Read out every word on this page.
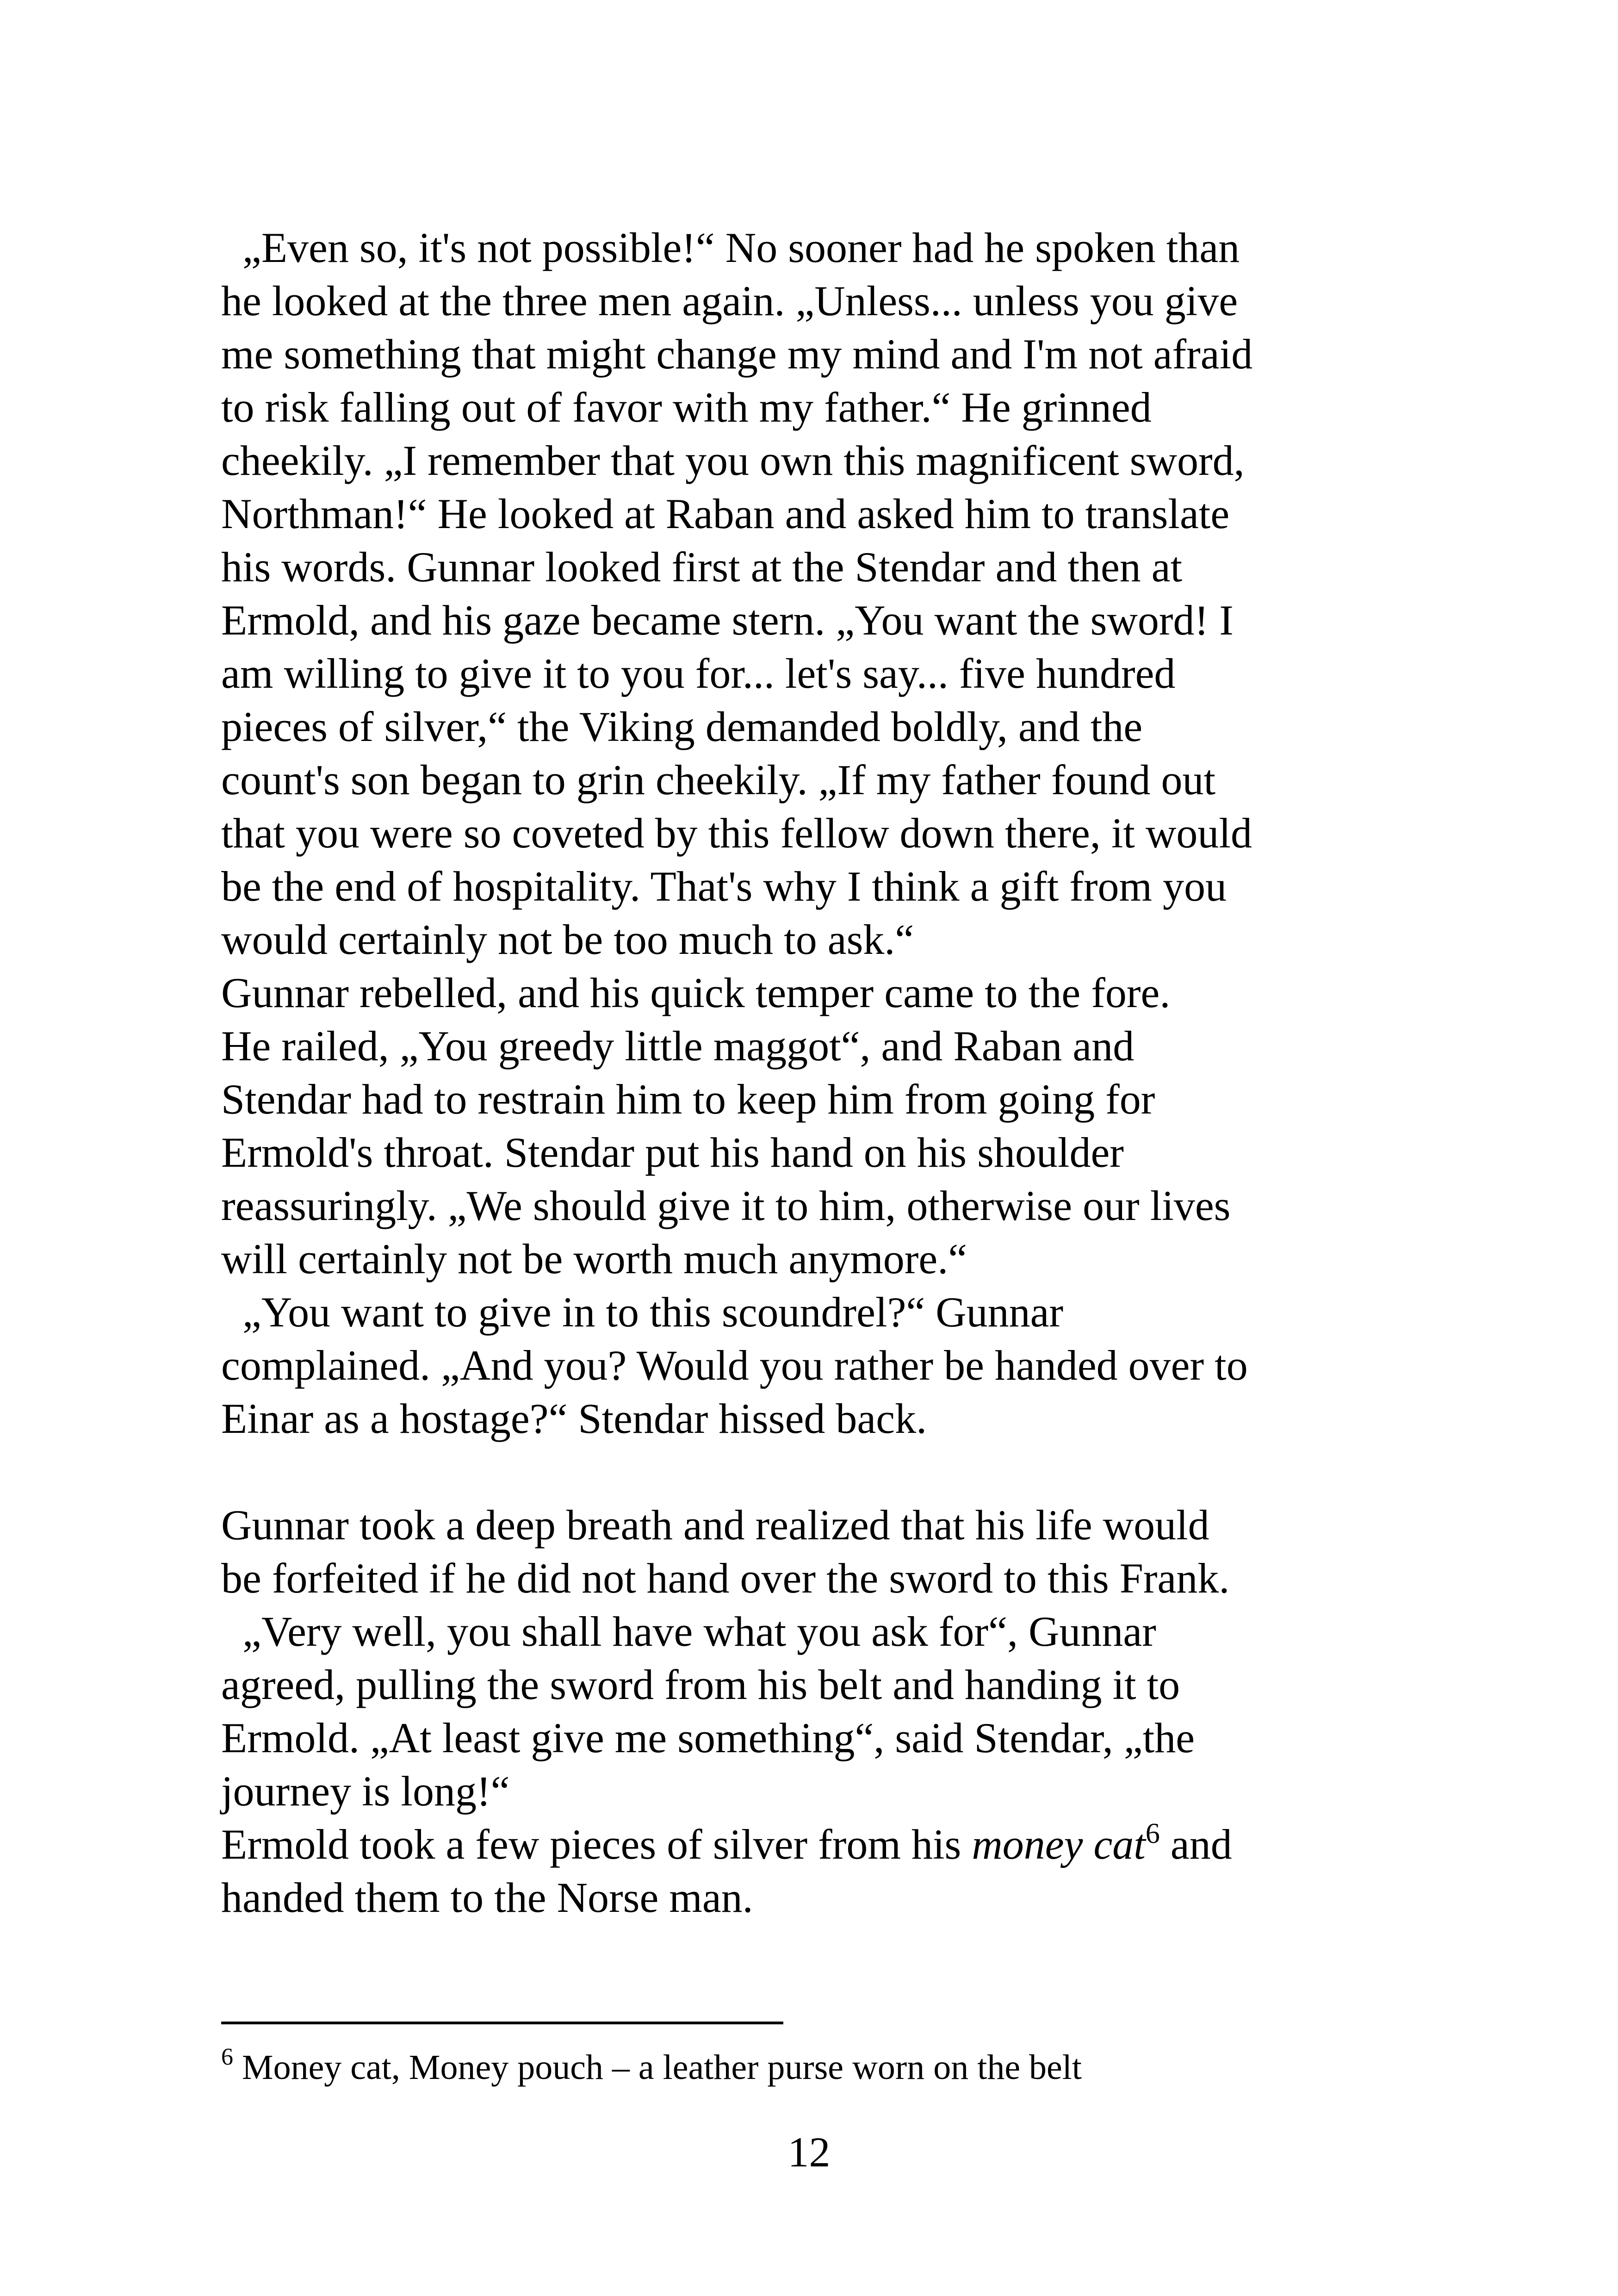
„Even so, it's not possible!“ No sooner had he spoken than
he looked at the three men again. „Unless... unless you give
me something that might change my mind and I'm not afraid
to risk falling out of favor with my father.“ He grinned
cheekily. „I remember that you own this magnificent sword,
Northman!“ He looked at Raban and asked him to translate
his words. Gunnar looked first at the Stendar and then at
Ermold, and his gaze became stern. „You want the sword! I
am willing to give it to you for... let's say... five hundred
pieces of silver,“ the Viking demanded boldly, and the
count's son began to grin cheekily. „If my father found out
that you were so coveted by this fellow down there, it would
be the end of hospitality. That's why I think a gift from you
would certainly not be too much to ask.“
Gunnar rebelled, and his quick temper came to the fore.
He railed, „You greedy little maggot“, and Raban and
Stendar had to restrain him to keep him from going for
Ermold's throat. Stendar put his hand on his shoulder
reassuringly. „We should give it to him, otherwise our lives
will certainly not be worth much anymore.“
„You want to give in to this scoundrel?“ Gunnar
complained. „And you? Would you rather be handed over to
Einar as a hostage?“ Stendar hissed back.
Gunnar took a deep breath and realized that his life would
be forfeited if he did not hand over the sword to this Frank.
„Very well, you shall have what you ask for“, Gunnar
agreed, pulling the sword from his belt and handing it to
Ermold. „At least give me something“, said Stendar, „the
journey is long!“
Ermold took a few pieces of silver from his money cat$^6$ and
handed them to the Norse man.
$^6$ Money cat, Money pouch – a leather purse worn on the belt
12
